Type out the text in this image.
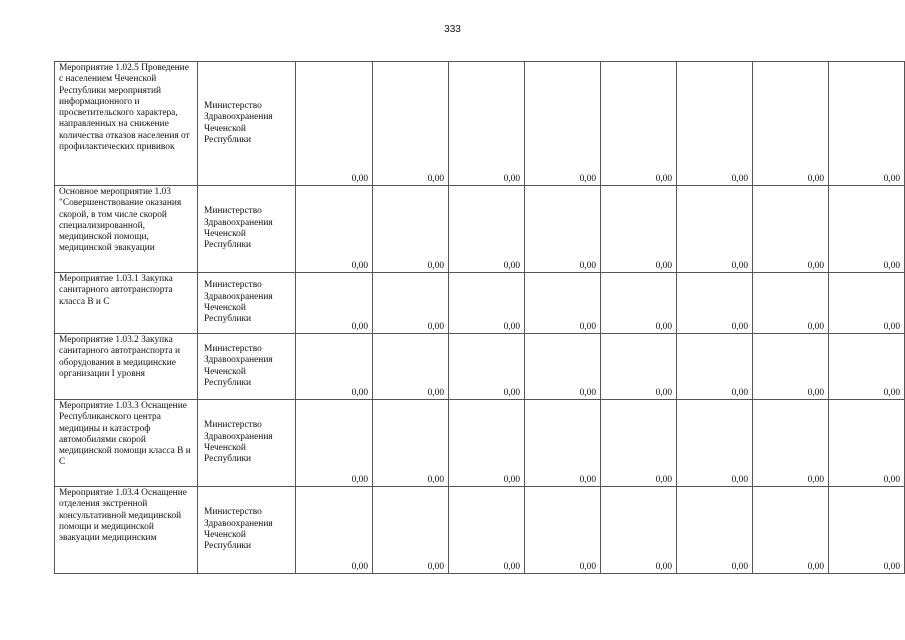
333
Мероприятие 1.02.5 Проведение с населением Чеченской Республики мероприятий информационного и просветительского характера, направленных на снижение количества отказов населения от профилактических прививок	Министерство Здравоохранения Чеченской Республики	0,00	0,00	0,00	0,00	0,00	0,00	0,00	0,00

Основное мероприятие 1.03 "Совершенствование оказания скорой, в том числе скорой специализированной, медицинской помощи, медицинской эвакуации	Министерство Здравоохранения Чеченской Республики	0,00	0,00	0,00	0,00	0,00	0,00	0,00	0,00

Мероприятие 1.03.1 Закупка санитарного автотранспорта класса В и С	Министерство Здравоохранения Чеченской Республики	0,00	0,00	0,00	0,00	0,00	0,00	0,00	0,00

Мероприятие 1.03.2 Закупка санитарного автотранспорта и оборудования в медицинские организации I уровня	Министерство Здравоохранения Чеченской Республики	0,00	0,00	0,00	0,00	0,00	0,00	0,00	0,00

Мероприятие 1.03.3 Оснащение Республиканского центра медицины и катастроф автомобилями скорой медицинской помощи класса В и С	Министерство Здравоохранения Чеченской Республики	0,00	0,00	0,00	0,00	0,00	0,00	0,00	0,00

Мероприятие 1.03.4 Оснащение отделения экстренной консультативной медицинской помощи и медицинской эвакуации медицинским	Министерство Здравоохранения Чеченской Республики	0,00	0,00	0,00	0,00	0,00	0,00	0,00	0,00
